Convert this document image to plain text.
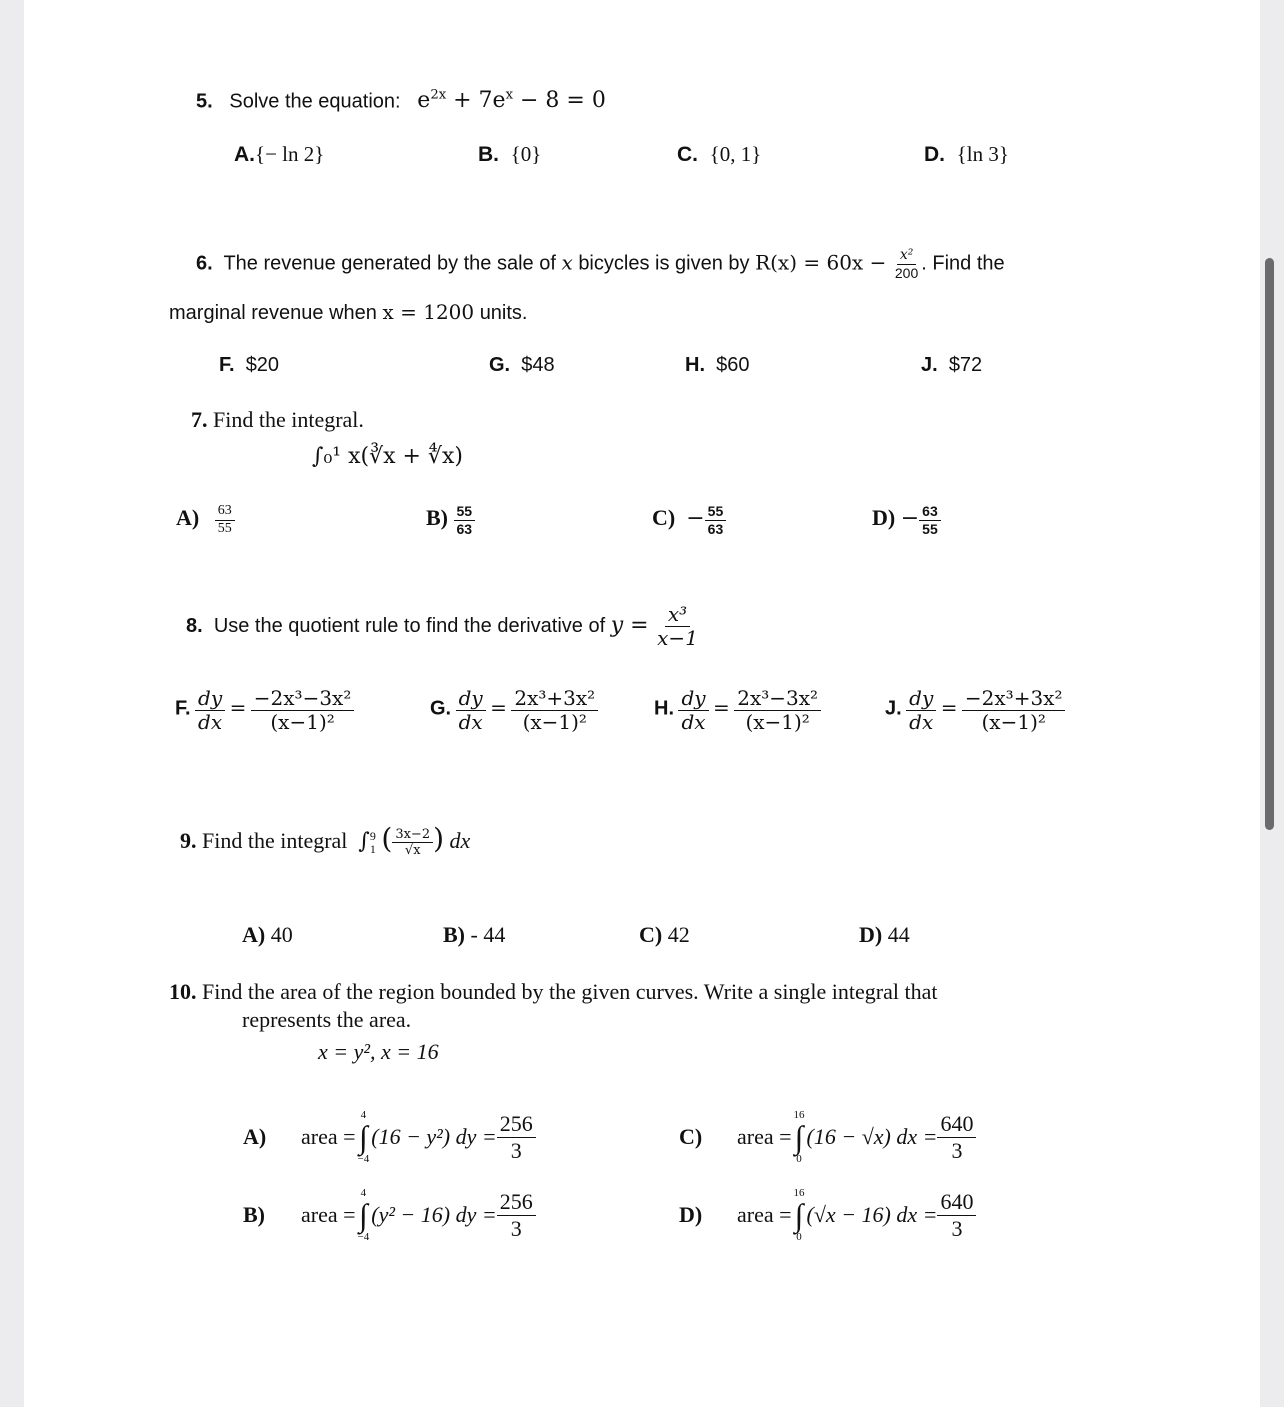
5. Solve the equation: $e^{2x} + 7e^x - 8 = 0$
A.{− ln 2}	B. {0}	C. {0, 1}	D. {ln 3}
6. The revenue generated by the sale of x bicycles is given by $R(x) = 60x - \frac{\text{x²}}{200}$ . Find the
marginal revenue when x = 1200 units.
F. $20	G. $48	H. $60	J. $72
7. Find the integral.
∫₀¹ x(∛x + ∜x)
$A) \frac{63}{55}$	$B) \frac{55}{63}$	$C) - \frac{55}{63}$	$D) - \frac{63}{55}$
8. Use the quotient rule to find the derivative of $y = \frac{\text{x³}}{x-1}$
F. $\frac{dy}{dx} = \frac{\text{−2x³−3x²}}{\text{(x−1)²}}$	G. $\frac{dy}{dx} = \frac{\text{2x³+3x²}}{\text{(x−1)²}}$	H. $\frac{dy}{dx} = \frac{\text{2x³−3x²}}{\text{(x−1)²}}$	J. $\frac{dy}{dx} = \frac{\text{−2x³+3x²}}{\text{(x−1)²}}$
9. Find the integral ∫ 9
1 ( $\frac{3x-2}{√x}$ ) dx
A) 40	B) - 44	C) 42	D) 44
10. Find the area of the region bounded by the given curves. Write a single integral that
represents the area.
x = y², x = 16
A)	area =
4
∫
−4
(16 − y²) dy = $\frac{256}{3}$
B)	area =
4
∫
−4
(y² − 16) dy = $\frac{256}{3}$
C)	area =
16
∫
0
(16 − √x) dx = $\frac{640}{3}$
D)	area =
16
∫
0
(√x − 16) dx = $\frac{640}{3}$
